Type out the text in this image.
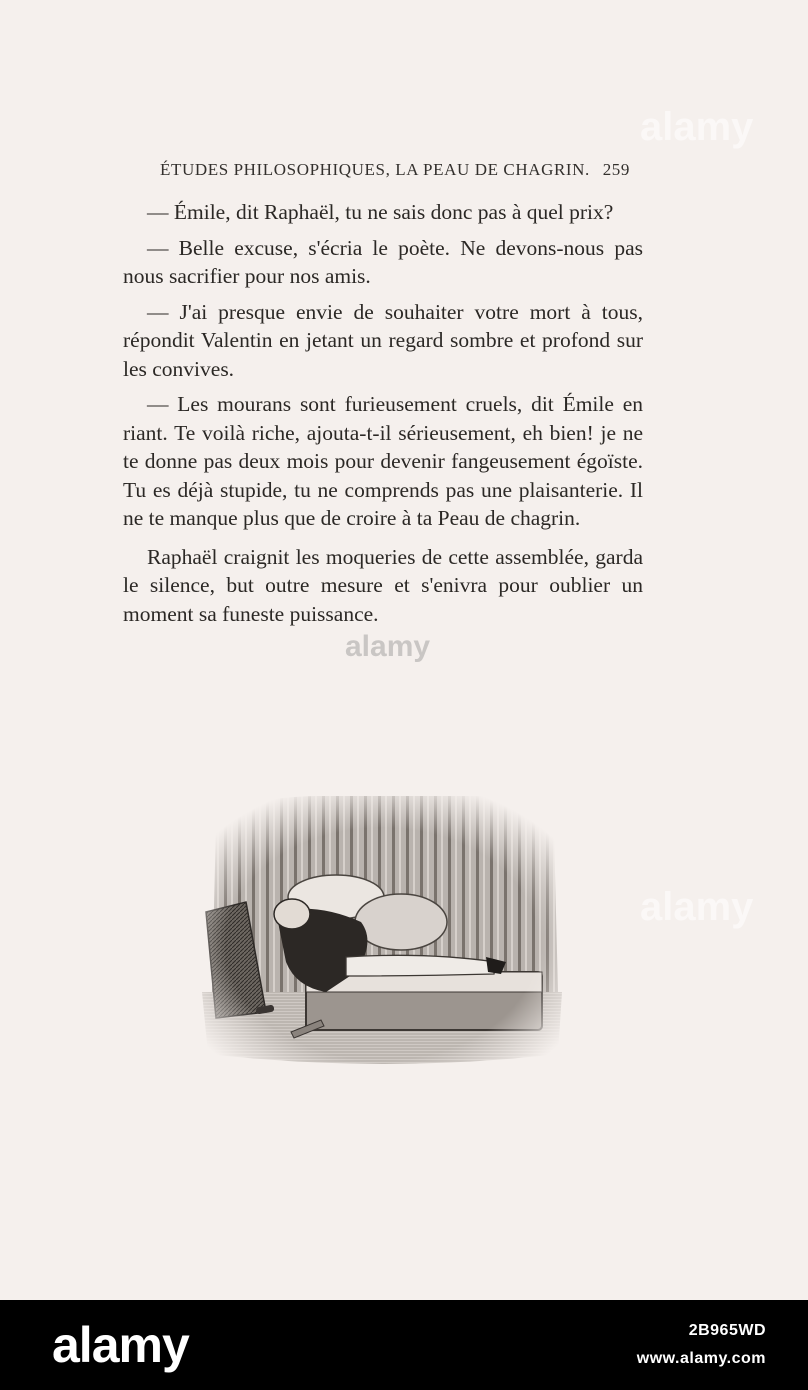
ÉTUDES PHILOSOPHIQUES, LA PEAU DE CHAGRIN. 259

— Émile, dit Raphaël, tu ne sais donc pas à quel prix?

— Belle excuse, s'écria le poète. Ne devons-nous pas nous sacrifier pour nos amis.

— J'ai presque envie de souhaiter votre mort à tous, répondit Valentin en jetant un regard sombre et profond sur les convives.

— Les mourans sont furieusement cruels, dit Émile en riant. Te voilà riche, ajouta-t-il sérieusement, eh bien! je ne te donne pas deux mois pour devenir fangeusement égoïste. Tu es déjà stupide, tu ne comprends pas une plaisanterie. Il ne te manque plus que de croire à ta Peau de chagrin.

Raphaël craignit les moqueries de cette assemblée, garda le silence, but outre mesure et s'enivra pour oublier un moment sa funeste puissance.

alamy
alamy
alamy
alamy	2B965WD
www.alamy.com
